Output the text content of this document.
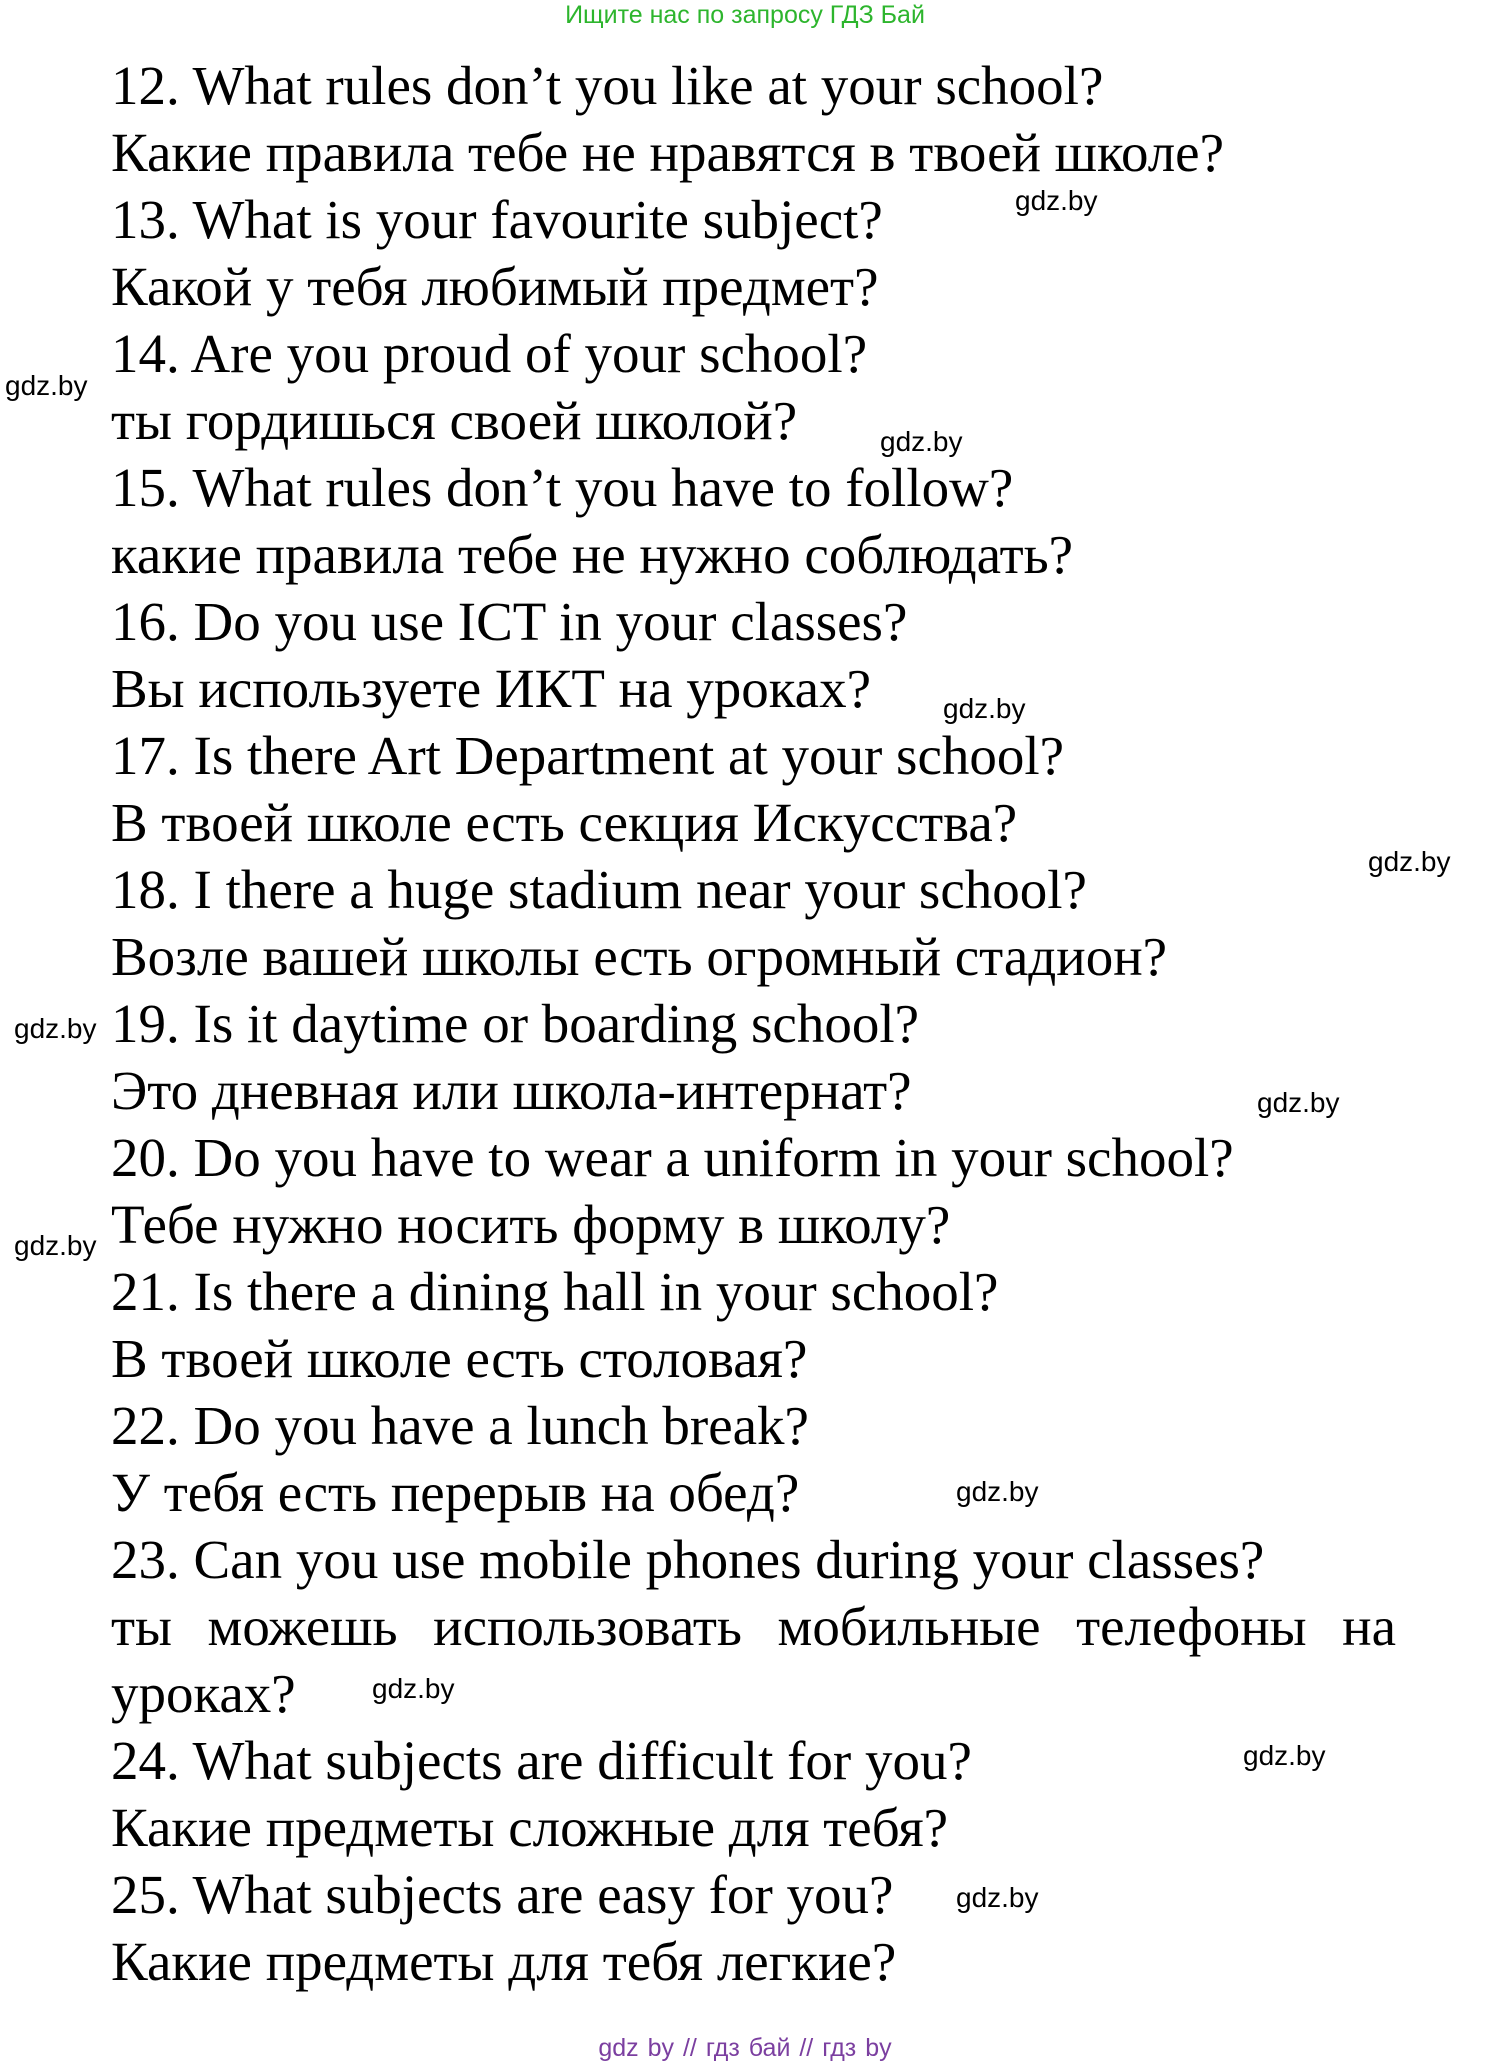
Ищите нас по запросу ГДЗ Бай
12. What rules don’t you like at your school?
Какие правила тебе не нравятся в твоей школе?
13. What is your favourite subject?
Какой у тебя любимый предмет?
14. Are you proud of your school?
ты гордишься своей школой?
15. What rules don’t you have to follow?
какие правила тебе не нужно соблюдать?
16. Do you use ICT in your classes?
Вы используете ИКТ на уроках?
17. Is there Art Department at your school?
В твоей школе есть секция Искусства?
18. I there a huge stadium near your school?
Возле вашей школы есть огромный стадион?
19. Is it daytime or boarding school?
Это дневная или школа-интернат?
20. Do you have to wear a uniform in your school?
Тебе нужно носить форму в школу?
21. Is there a dining hall in your school?
В твоей школе есть столовая?
22. Do you have a lunch break?
У тебя есть перерыв на обед?
23. Can you use mobile phones during your classes?
ты можешь использовать мобильные телефоны на
уроках?
24. What subjects are difficult for you?
Какие предметы сложные для тебя?
25. What subjects are easy for you?
Какие предметы для тебя легкие?
gdz.by
gdz.by
gdz.by
gdz.by
gdz.by
gdz.by
gdz.by
gdz.by
gdz.by
gdz.by
gdz.by
gdz.by
gdz by // гдз бай // гдз by
